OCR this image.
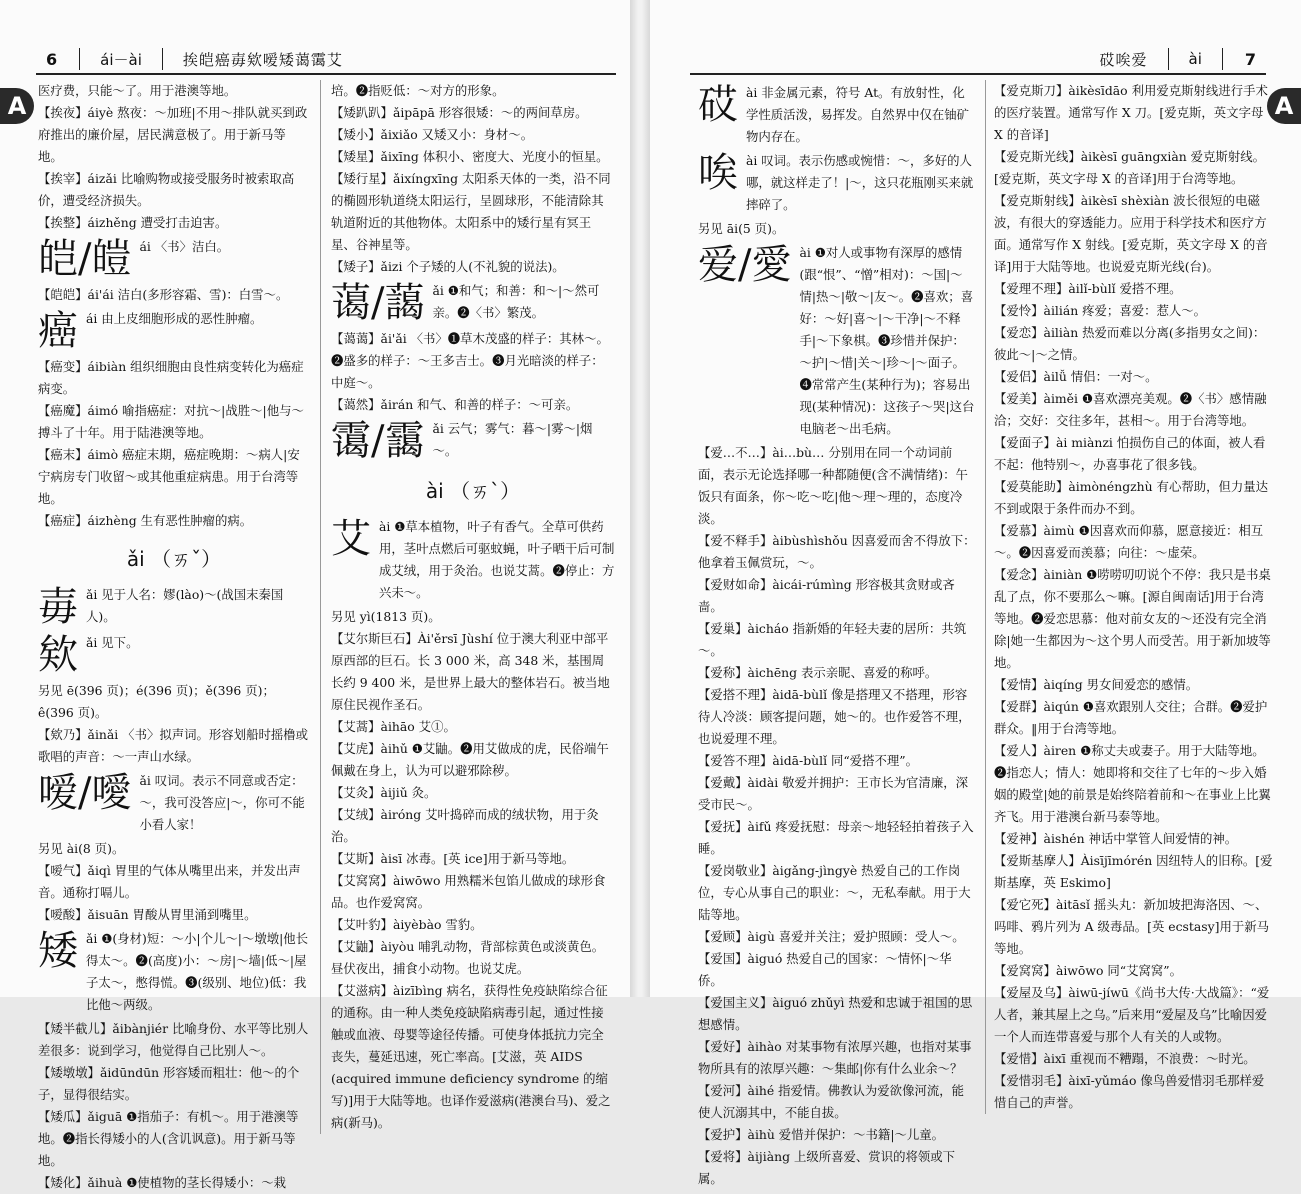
6	ái－ài	挨皑癌毐欸嗳矮蔼霭艾
A
医疗费，只能～了。用于港澳等地。
【挨夜】áiyè 熬夜：～加班|不用～排队就买到政府推出的廉价屋，居民满意极了。用于新马等地。
【挨宰】áizǎi 比喻购物或接受服务时被索取高价，遭受经济损失。
【挨整】áizhěng 遭受打击迫害。
皑/皚 ái 〈书〉洁白。
【皑皑】ái'ái 洁白(多形容霜、雪)：白雪～。
癌 ái 由上皮细胞形成的恶性肿瘤。
【癌变】áibiàn 组织细胞由良性病变转化为癌症病变。
【癌魔】áimó 喻指癌症：对抗～|战胜～|他与～搏斗了十年。用于陆港澳等地。
【癌末】áimò 癌症末期，癌症晚期：～病人|安宁病房专门收留～或其他重症病患。用于台湾等地。
【癌症】áizhèng 生有恶性肿瘤的病。
ǎi （ㄞˇ）
毐 ǎi 见于人名：嫪(lào)～(战国末秦国人)。
欸 ǎi 见下。
另见 ē(396 页)；é(396 页)；ě(396 页)；ê(396 页)。
【欸乃】ǎinǎi 〈书〉拟声词。形容划船时摇橹或歌唱的声音：～一声山水绿。
嗳/噯 ǎi 叹词。表示不同意或否定：～，我可没答应|～，你可不能小看人家！
另见 ài(8 页)。
【嗳气】ǎiqì 胃里的气体从嘴里出来，并发出声音。通称打嗝儿。
【嗳酸】ǎisuān 胃酸从胃里涌到嘴里。
矮 ǎi ❶(身材)短：～小|个儿～|～墩墩|他长得太～。❷(高度)小：～房|～墙|低～|屋子太～，憋得慌。❸(级别、地位)低：我比他～两级。
【矮半截儿】ǎibànjiér 比喻身份、水平等比别人差很多：说到学习，他觉得自己比别人～。
【矮墩墩】ǎidūndūn 形容矮而粗壮：他～的个子，显得很结实。
【矮瓜】ǎiguā ❶指茄子：有机～。用于港澳等地。❷指长得矮小的人(含讥讽意)。用于新马等地。
【矮化】ǎihuà ❶使植物的茎长得矮小：～栽
培。❷指贬低：～对方的形象。
【矮趴趴】ǎipāpā 形容很矮：～的两间草房。
【矮小】ǎixiǎo 又矮又小：身材～。
【矮星】ǎixīng 体积小、密度大、光度小的恒星。
【矮行星】ǎixíngxīng 太阳系天体的一类，沿不同的椭圆形轨道绕太阳运行，呈圆球形，不能清除其轨道附近的其他物体。太阳系中的矮行星有冥王星、谷神星等。
【矮子】ǎizi 个子矮的人(不礼貌的说法)。
蔼/藹 ǎi ❶和气；和善：和～|～然可亲。❷〈书〉繁茂。
【蔼蔼】ǎi'ǎi 〈书〉❶草木茂盛的样子：其林～。❷盛多的样子：～王多吉士。❸月光暗淡的样子：中庭～。
【蔼然】ǎirán 和气、和善的样子：～可亲。
霭/靄 ǎi 云气；雾气：暮～|雾～|烟～。
ài （ㄞˋ）
艾 ài ❶草本植物，叶子有香气。全草可供药用，茎叶点燃后可驱蚊蝇，叶子晒干后可制成艾绒，用于灸治。也说艾蒿。❷停止：方兴未～。
另见 yì(1813 页)。
【艾尔斯巨石】Ài'ěrsī Jùshí 位于澳大利亚中部平原西部的巨石。长 3 000 米，高 348 米，基围周长约 9 400 米，是世界上最大的整体岩石。被当地原住民视作圣石。
【艾蒿】àihāo 艾①。
【艾虎】àihǔ ❶艾鼬。❷用艾做成的虎，民俗端午佩戴在身上，认为可以避邪除秽。
【艾灸】àijiǔ 灸。
【艾绒】àiróng 艾叶捣碎而成的绒状物，用于灸治。
【艾斯】àisī 冰毒。[英 ice]用于新马等地。
【艾窝窝】àiwōwo 用熟糯米包馅儿做成的球形食品。也作爱窝窝。
【艾叶豹】àiyèbào 雪豹。
【艾鼬】àiyòu 哺乳动物，背部棕黄色或淡黄色。昼伏夜出，捕食小动物。也说艾虎。
【艾滋病】àizībìng 病名，获得性免疫缺陷综合征的通称。由一种人类免疫缺陷病毒引起，通过性接触或血液、母婴等途径传播。可使身体抵抗力完全丧失，蔓延迅速，死亡率高。[艾滋，英 AIDS (acquired immune deficiency syndrome 的缩写)]用于大陆等地。也译作爱滋病(港澳台马)、爱之病(新马)。
砹唉爱	ài	7
A
砹 ài 非金属元素，符号 At。有放射性，化学性质活泼，易挥发。自然界中仅在铀矿物内存在。
唉 ài 叹词。表示伤感或惋惜：～，多好的人哪，就这样走了！|～，这只花瓶刚买来就摔碎了。
另见 āi(5 页)。
爱/愛 ài ❶对人或事物有深厚的感情(跟“恨”、“憎”相对)：～国|～情|热～|敬～|友～。❷喜欢；喜好：～好|喜～|～干净|～不释手|～下象棋。❸珍惜并保护：～护|～惜|关～|珍～|～面子。❹常常产生(某种行为)；容易出现(某种情况)：这孩子～哭|这台电脑老～出毛病。
【爱…不…】ài…bù… 分别用在同一个动词前面，表示无论选择哪一种都随便(含不满情绪)：午饭只有面条，你～吃～吃|他～理～理的，态度冷淡。
【爱不释手】àibùshìshǒu 因喜爱而舍不得放下：他拿着玉佩赏玩，～。
【爱财如命】àicái-rúmìng 形容极其贪财或吝啬。
【爱巢】àicháo 指新婚的年轻夫妻的居所：共筑～。
【爱称】àichēng 表示亲昵、喜爱的称呼。
【爱搭不理】àidā-bùlǐ 像是搭理又不搭理，形容待人冷淡：顾客提问题，她～的。也作爱答不理，也说爱理不理。
【爱答不理】àidā-bùlǐ 同“爱搭不理”。
【爱戴】àidài 敬爱并拥护：王市长为官清廉，深受市民～。
【爱抚】àifǔ 疼爱抚慰：母亲～地轻轻拍着孩子入睡。
【爱岗敬业】àigǎng-jìngyè 热爱自己的工作岗位，专心从事自己的职业：～，无私奉献。用于大陆等地。
【爱顾】àigù 喜爱并关注；爱护照顾：受人～。
【爱国】àiguó 热爱自己的国家：～情怀|～华侨。
【爱国主义】àiguó zhǔyì 热爱和忠诚于祖国的思想感情。
【爱好】àihào 对某事物有浓厚兴趣，也指对某事物所具有的浓厚兴趣：～集邮|你有什么业余～？
【爱河】àihé 指爱情。佛教认为爱欲像河流，能使人沉溺其中，不能自拔。
【爱护】àihù 爱惜并保护：～书籍|～儿童。
【爱将】àijiàng 上级所喜爱、赏识的将领或下属。
【爱克斯刀】àikèsīdāo 利用爱克斯射线进行手术的医疗装置。通常写作 X 刀。[爱克斯，英文字母 X 的音译]
【爱克斯光线】àikèsī guāngxiàn 爱克斯射线。[爱克斯，英文字母 X 的音译]用于台湾等地。
【爱克斯射线】àikèsī shèxiàn 波长很短的电磁波，有很大的穿透能力。应用于科学技术和医疗方面。通常写作 X 射线。[爱克斯，英文字母 X 的音译]用于大陆等地。也说爱克斯光线(台)。
【爱理不理】àilǐ-bùlǐ 爱搭不理。
【爱怜】àilián 疼爱；喜爱：惹人～。
【爱恋】àiliàn 热爱而难以分离(多指男女之间)：彼此～|～之情。
【爱侣】àilǚ 情侣：一对～。
【爱美】àiměi ❶喜欢漂亮美观。❷〈书〉感情融洽；交好：交往多年，甚相～。用于台湾等地。
【爱面子】ài miànzi 怕损伤自己的体面，被人看不起：他特别～，办喜事花了很多钱。
【爱莫能助】àimònéngzhù 有心帮助，但力量达不到或限于条件而办不到。
【爱慕】àimù ❶因喜欢而仰慕，愿意接近：相互～。❷因喜爱而羡慕；向往：～虚荣。
【爱念】àiniàn ❶唠唠叨叨说个不停：我只是书桌乱了点，你不要那么～嘛。[源自闽南话]用于台湾等地。❷爱恋思慕：他对前女友的～还没有完全消除|她一生都因为～这个男人而受苦。用于新加坡等地。
【爱情】àiqíng 男女间爱恋的感情。
【爱群】àiqún ❶喜欢跟别人交往；合群。❷爱护群众。‖用于台湾等地。
【爱人】àiren ❶称丈夫或妻子。用于大陆等地。❷指恋人；情人：她即将和交往了七年的～步入婚姻的殿堂|她的前景是始终陪着前和～在事业上比翼齐飞。用于港澳台新马泰等地。
【爱神】àishén 神话中掌管人间爱情的神。
【爱斯基摩人】Àisījīmórén 因纽特人的旧称。[爱斯基摩，英 Eskimo]
【爱它死】àitāsǐ 摇头丸：新加坡把海洛因、～、吗啡、鸦片列为 A 级毒品。[英 ecstasy]用于新马等地。
【爱窝窝】àiwōwo 同“艾窝窝”。
【爱屋及乌】àiwū-jíwū《尚书大传·大战篇》：“爱人者，兼其屋上之乌。”后来用“爱屋及乌”比喻因爱一个人而连带喜爱与那个人有关的人或物。
【爱惜】àixī 重视而不糟蹋，不浪费：～时光。
【爱惜羽毛】àixī-yǔmáo 像鸟兽爱惜羽毛那样爱惜自己的声誉。
